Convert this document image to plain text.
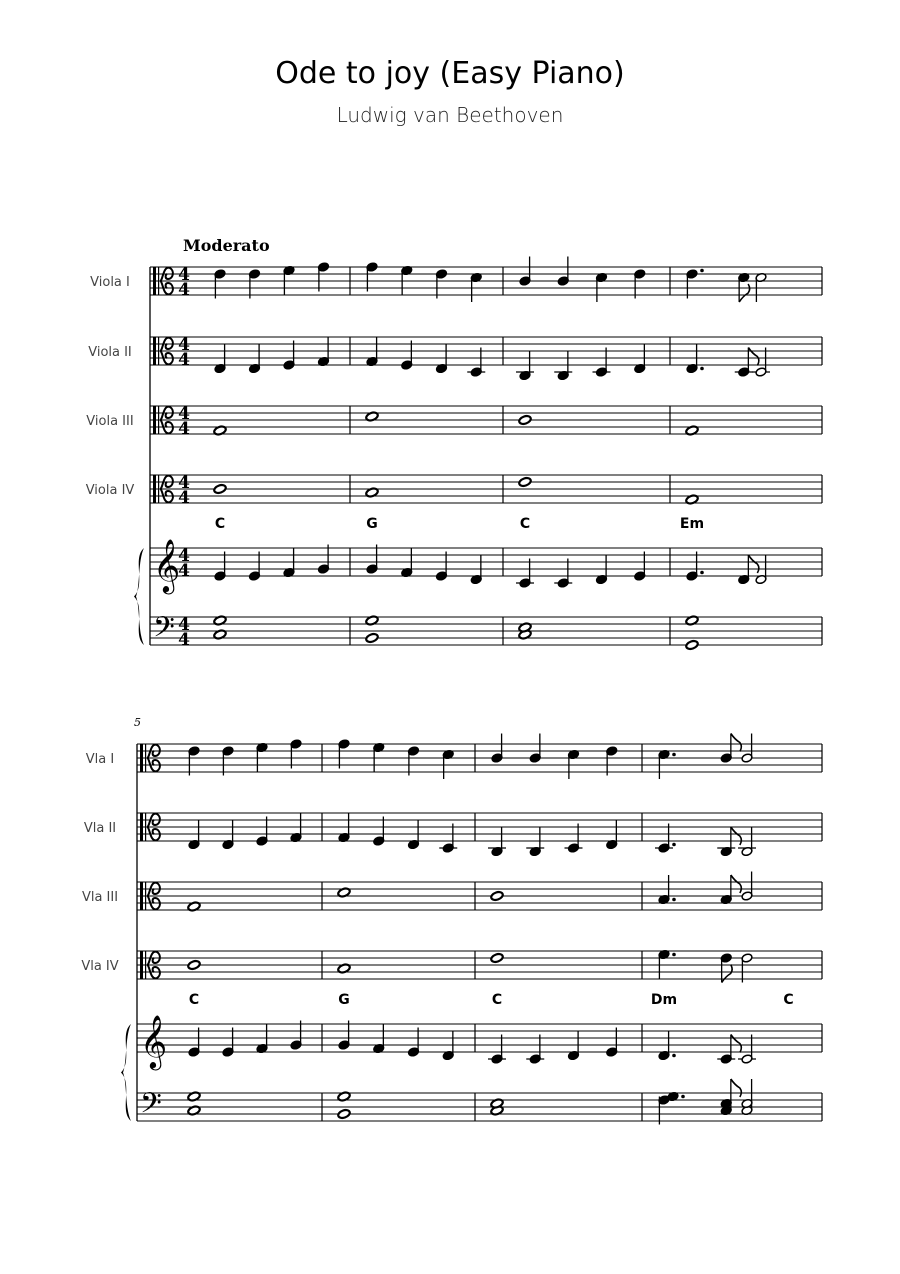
Ode to joy (Easy Piano)
Ludwig van Beethoven
Moderato
Viola I	4
4
Viola II	4
4
Viola III	4
4
Viola IV	4
4
𝄞
4
4
𝄢 4
4
C	G	C	Em
5
Vla I
Vla II
Vla III
Vla IV
𝄞
𝄢
C	G	C	Dm	C
